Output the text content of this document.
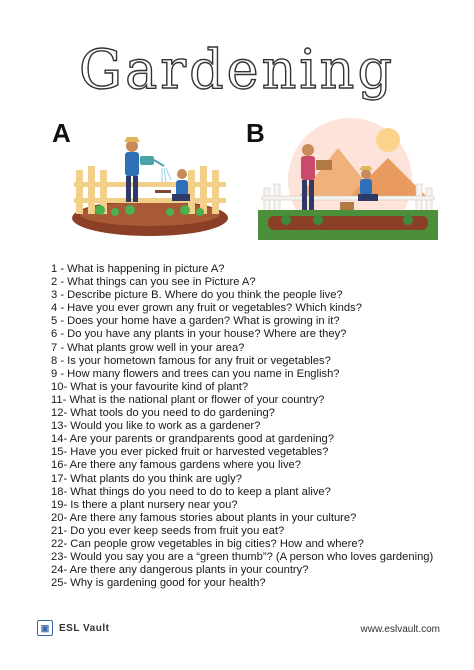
Gardening
A	B
1 - What is happening in picture A?
2 - What things can you see in Picture A?
3 - Describe picture B. Where do you think the people live?
4 - Have you ever grown any fruit or vegetables? Which kinds?
5 - Does your home have a garden? What is growing in it?
6 - Do you have any plants in your house? Where are they?
7 - What plants grow well in your area?
8 - Is your hometown famous for any fruit or vegetables?
9 - How many flowers and trees can you name in English?
10- What is your favourite kind of plant?
11- What is the national plant or flower of your country?
12- What tools do you need to do gardening?
13- Would you like to work as a gardener?
14- Are your parents or grandparents good at gardening?
15- Have you ever picked fruit or harvested vegetables?
16- Are there any famous gardens where you live?
17- What plants do you think are ugly?
18- What things do you need to do to keep a plant alive?
19- Is there a plant nursery near you?
20- Are there any famous stories about plants in your culture?
21- Do you ever keep seeds from fruit you eat?
22- Can people grow vegetables in big cities? How and where?
23- Would you say you are a “green thumb”? (A person who loves gardening)
24- Are there any dangerous plants in your country?
25- Why is gardening good for your health?
▣ ESL Vault	www.eslvault.com
